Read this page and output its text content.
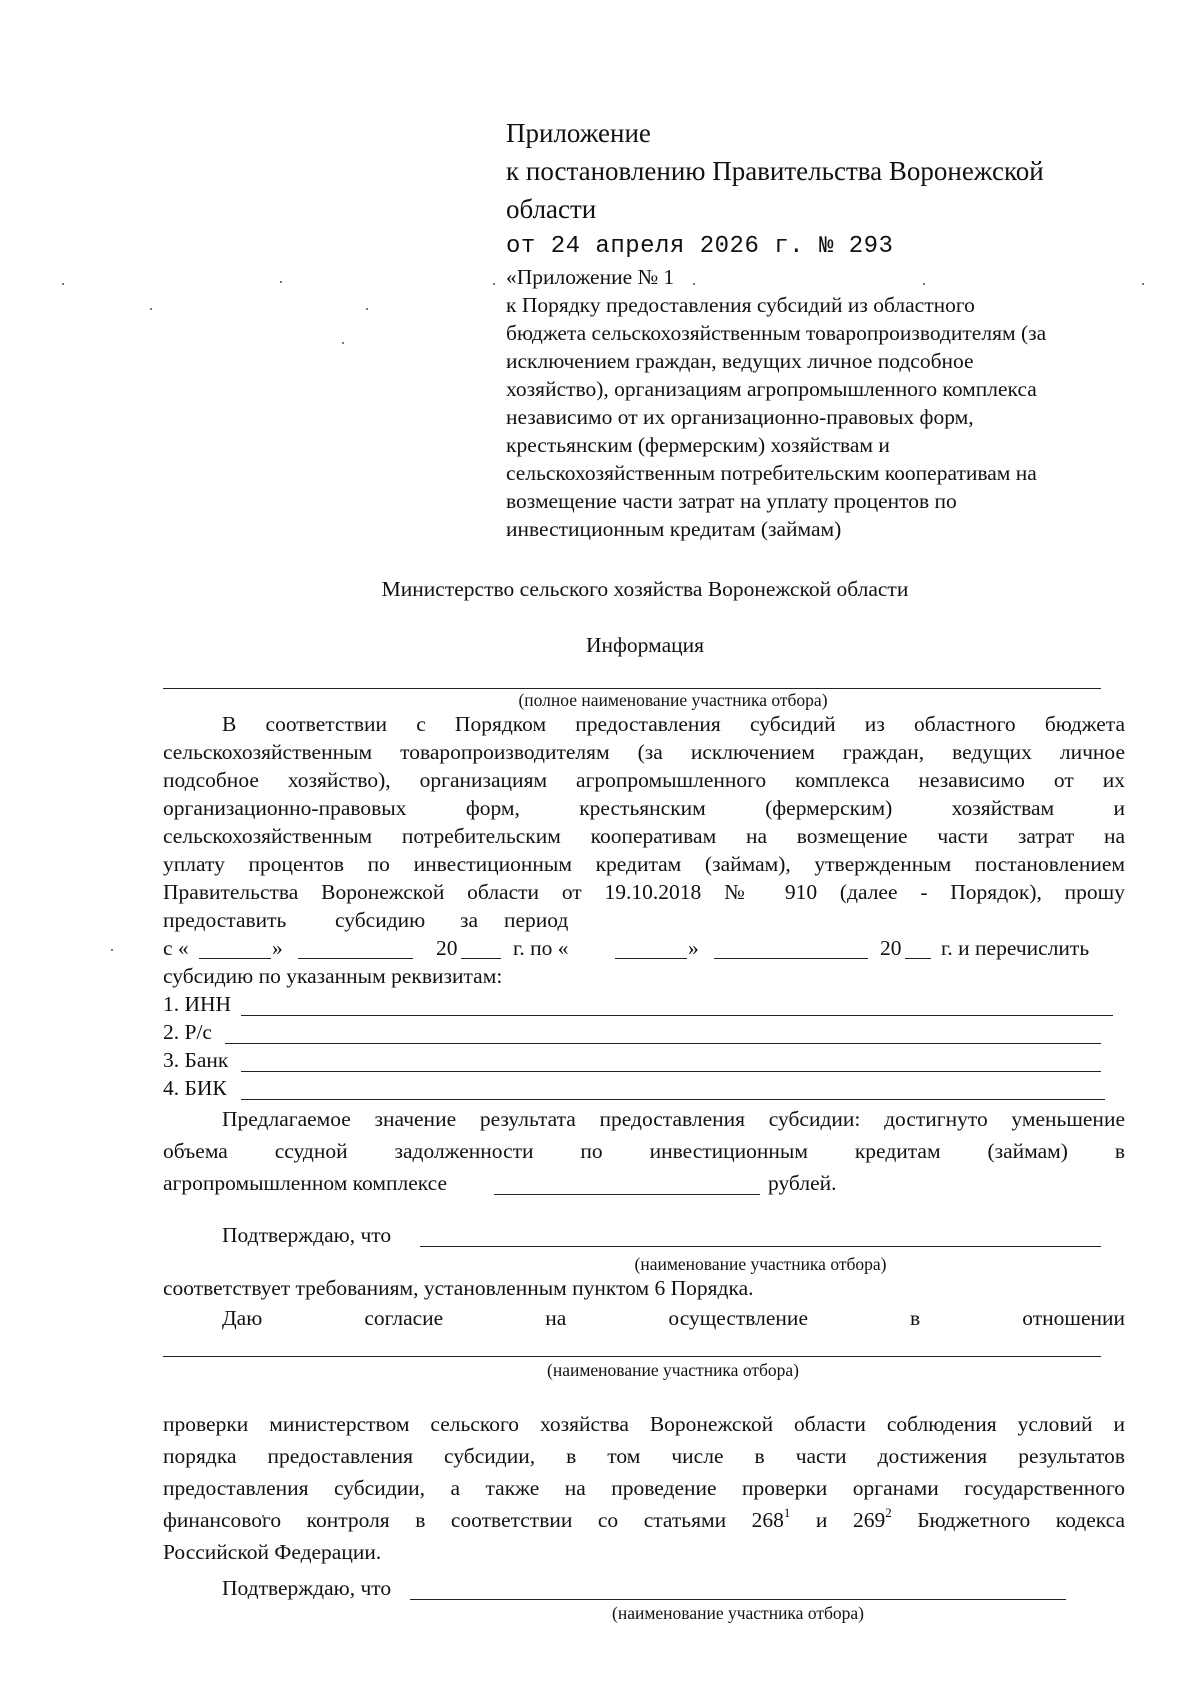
Приложение
к постановлению Правительства Воронежской
области
от 24 апреля 2026 г. № 293
«Приложение № 1
к Порядку предоставления субсидий из областного
бюджета сельскохозяйственным товаропроизводителям (за
исключением граждан, ведущих личное подсобное
хозяйство), организациям агропромышленного комплекса
независимо от их организационно-правовых форм,
крестьянским (фермерским) хозяйствам и
сельскохозяйственным потребительским кооперативам на
возмещение части затрат на уплату процентов по
инвестиционным кредитам (займам)
Министерство сельского хозяйства Воронежской области
Информация
(полное наименование участника отбора)
В соответствии с Порядком предоставления субсидий из областного бюджета
сельскохозяйственным товаропроизводителям (за исключением граждан, ведущих личное
подсобное хозяйство), организациям агропромышленного комплекса независимо от их
организационно-правовых форм, крестьянским (фермерским) хозяйствам и
сельскохозяйственным потребительским кооперативам на возмещение части затрат на
уплату процентов по инвестиционным кредитам (займам), утвержденным постановлением
Правительства Воронежской области от 19.10.2018 № 910 (далее - Порядок), прошу
предоставить субсидию за период
с «	»	20	г. по «	»	20 г. и перечислить
субсидию по указанным реквизитам:
1. ИНН
2. Р/с
3. Банк
4. БИК
Предлагаемое значение результата предоставления субсидии: достигнуто уменьшение
объема ссудной задолженности по инвестиционным кредитам (займам) в
агропромышленном комплексе	рублей.
Подтверждаю, что
(наименование участника отбора)
соответствует требованиям, установленным пунктом 6 Порядка.
Даю	согласие	на	осуществление	в	отношении
(наименование участника отбора)
проверки министерством сельского хозяйства Воронежской области соблюдения условий и
порядка предоставления субсидии, в том числе в части достижения результатов
предоставления субсидии, а также на проведение проверки органами государственного
финансового контроля в соответствии со статьями $268^1$ и $269^2$ Бюджетного кодекса
Российской Федерации.
Подтверждаю, что
(наименование участника отбора)
